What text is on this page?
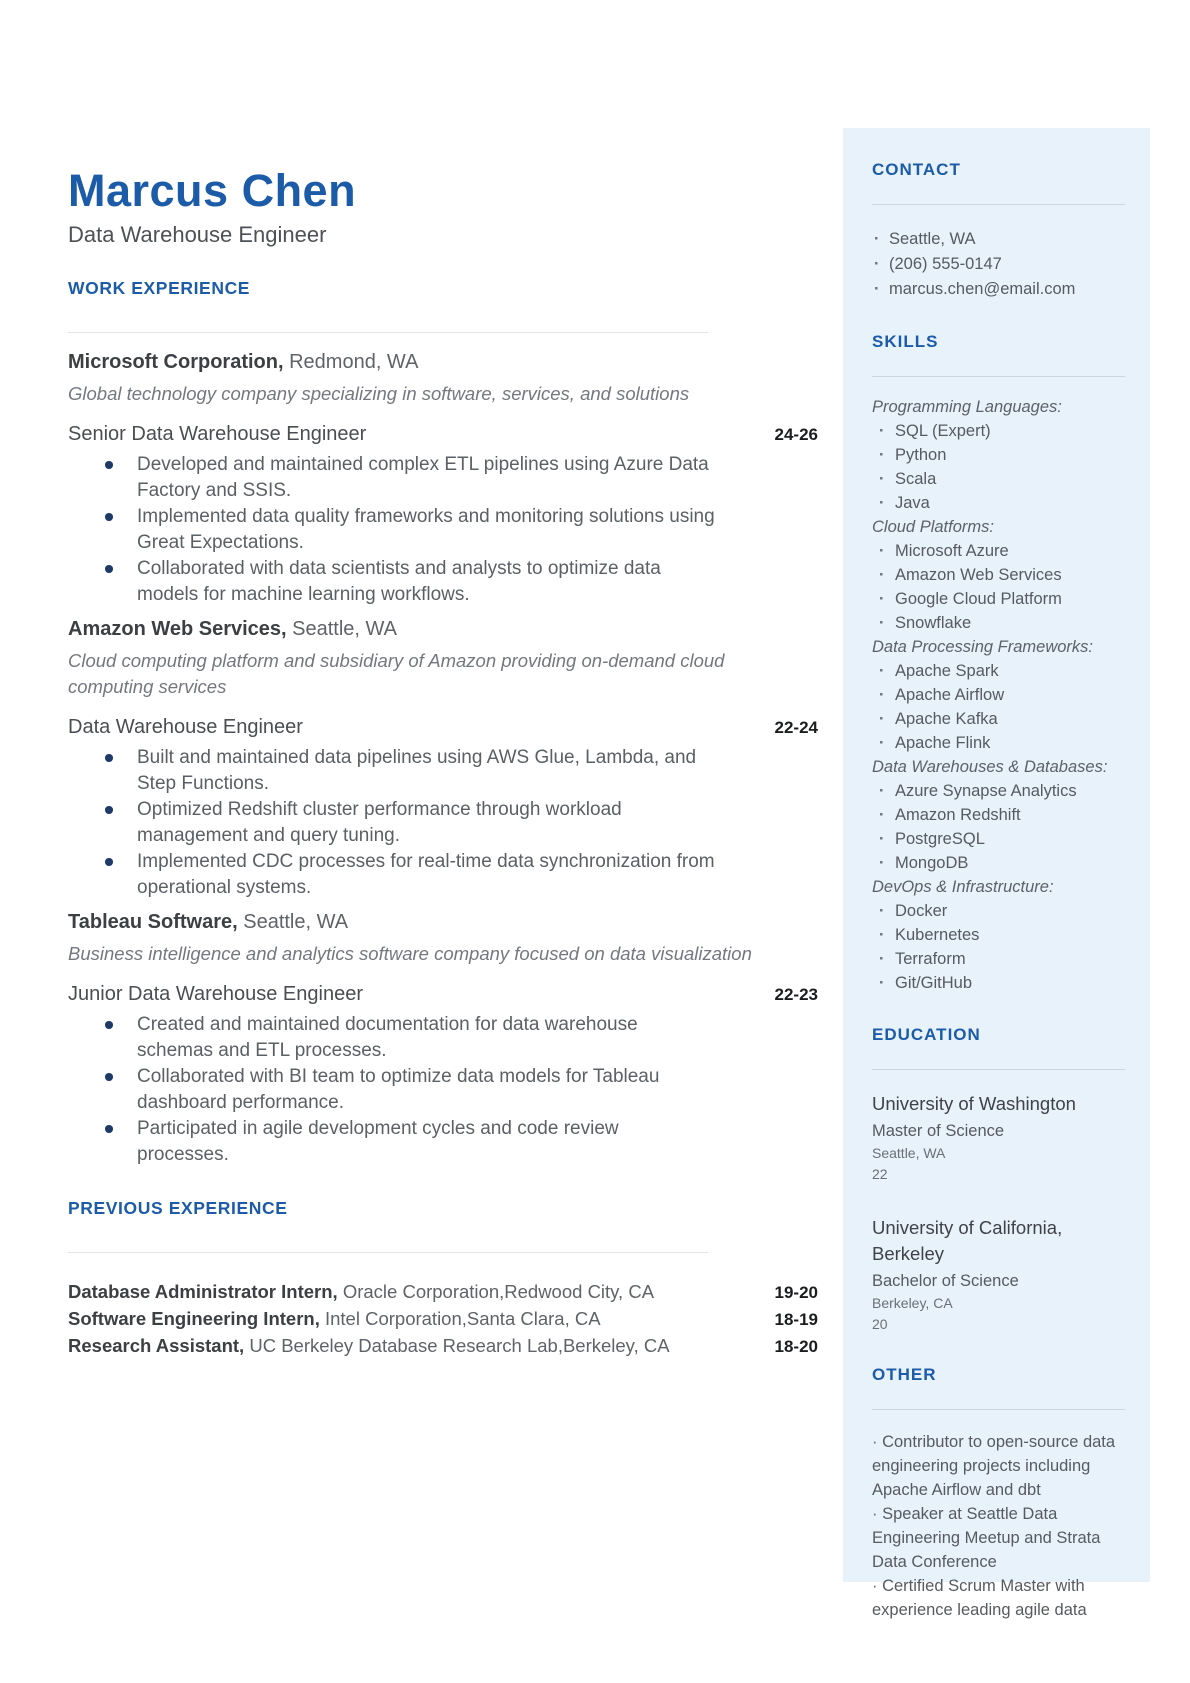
Marcus Chen
Data Warehouse Engineer
WORK EXPERIENCE
Microsoft Corporation, Redmond, WA
Global technology company specializing in software, services, and solutions
Senior Data Warehouse Engineer	24-26
Developed and maintained complex ETL pipelines using Azure Data Factory and SSIS.
Implemented data quality frameworks and monitoring solutions using Great Expectations.
Collaborated with data scientists and analysts to optimize data models for machine learning workflows.
Amazon Web Services, Seattle, WA
Cloud computing platform and subsidiary of Amazon providing on-demand cloud computing services
Data Warehouse Engineer	22-24
Built and maintained data pipelines using AWS Glue, Lambda, and Step Functions.
Optimized Redshift cluster performance through workload management and query tuning.
Implemented CDC processes for real-time data synchronization from operational systems.
Tableau Software, Seattle, WA
Business intelligence and analytics software company focused on data visualization
Junior Data Warehouse Engineer	22-23
Created and maintained documentation for data warehouse schemas and ETL processes.
Collaborated with BI team to optimize data models for Tableau dashboard performance.
Participated in agile development cycles and code review processes.
PREVIOUS EXPERIENCE
Database Administrator Intern, Oracle Corporation,Redwood City, CA	19-20
Software Engineering Intern, Intel Corporation,Santa Clara, CA	18-19
Research Assistant, UC Berkeley Database Research Lab,Berkeley, CA	18-20
CONTACT
· Seattle, WA
· (206) 555-0147
· marcus.chen@email.com
SKILLS
Programming Languages:
· SQL (Expert)
· Python
· Scala
· Java
Cloud Platforms:
· Microsoft Azure
· Amazon Web Services
· Google Cloud Platform
· Snowflake
Data Processing Frameworks:
· Apache Spark
· Apache Airflow
· Apache Kafka
· Apache Flink
Data Warehouses & Databases:
· Azure Synapse Analytics
· Amazon Redshift
· PostgreSQL
· MongoDB
DevOps & Infrastructure:
· Docker
· Kubernetes
· Terraform
· Git/GitHub
EDUCATION
University of Washington
Master of Science
Seattle, WA
22
University of California, Berkeley
Bachelor of Science
Berkeley, CA
20
OTHER
· Contributor to open-source data engineering projects including Apache Airflow and dbt
· Speaker at Seattle Data Engineering Meetup and Strata Data Conference
· Certified Scrum Master with experience leading agile data
